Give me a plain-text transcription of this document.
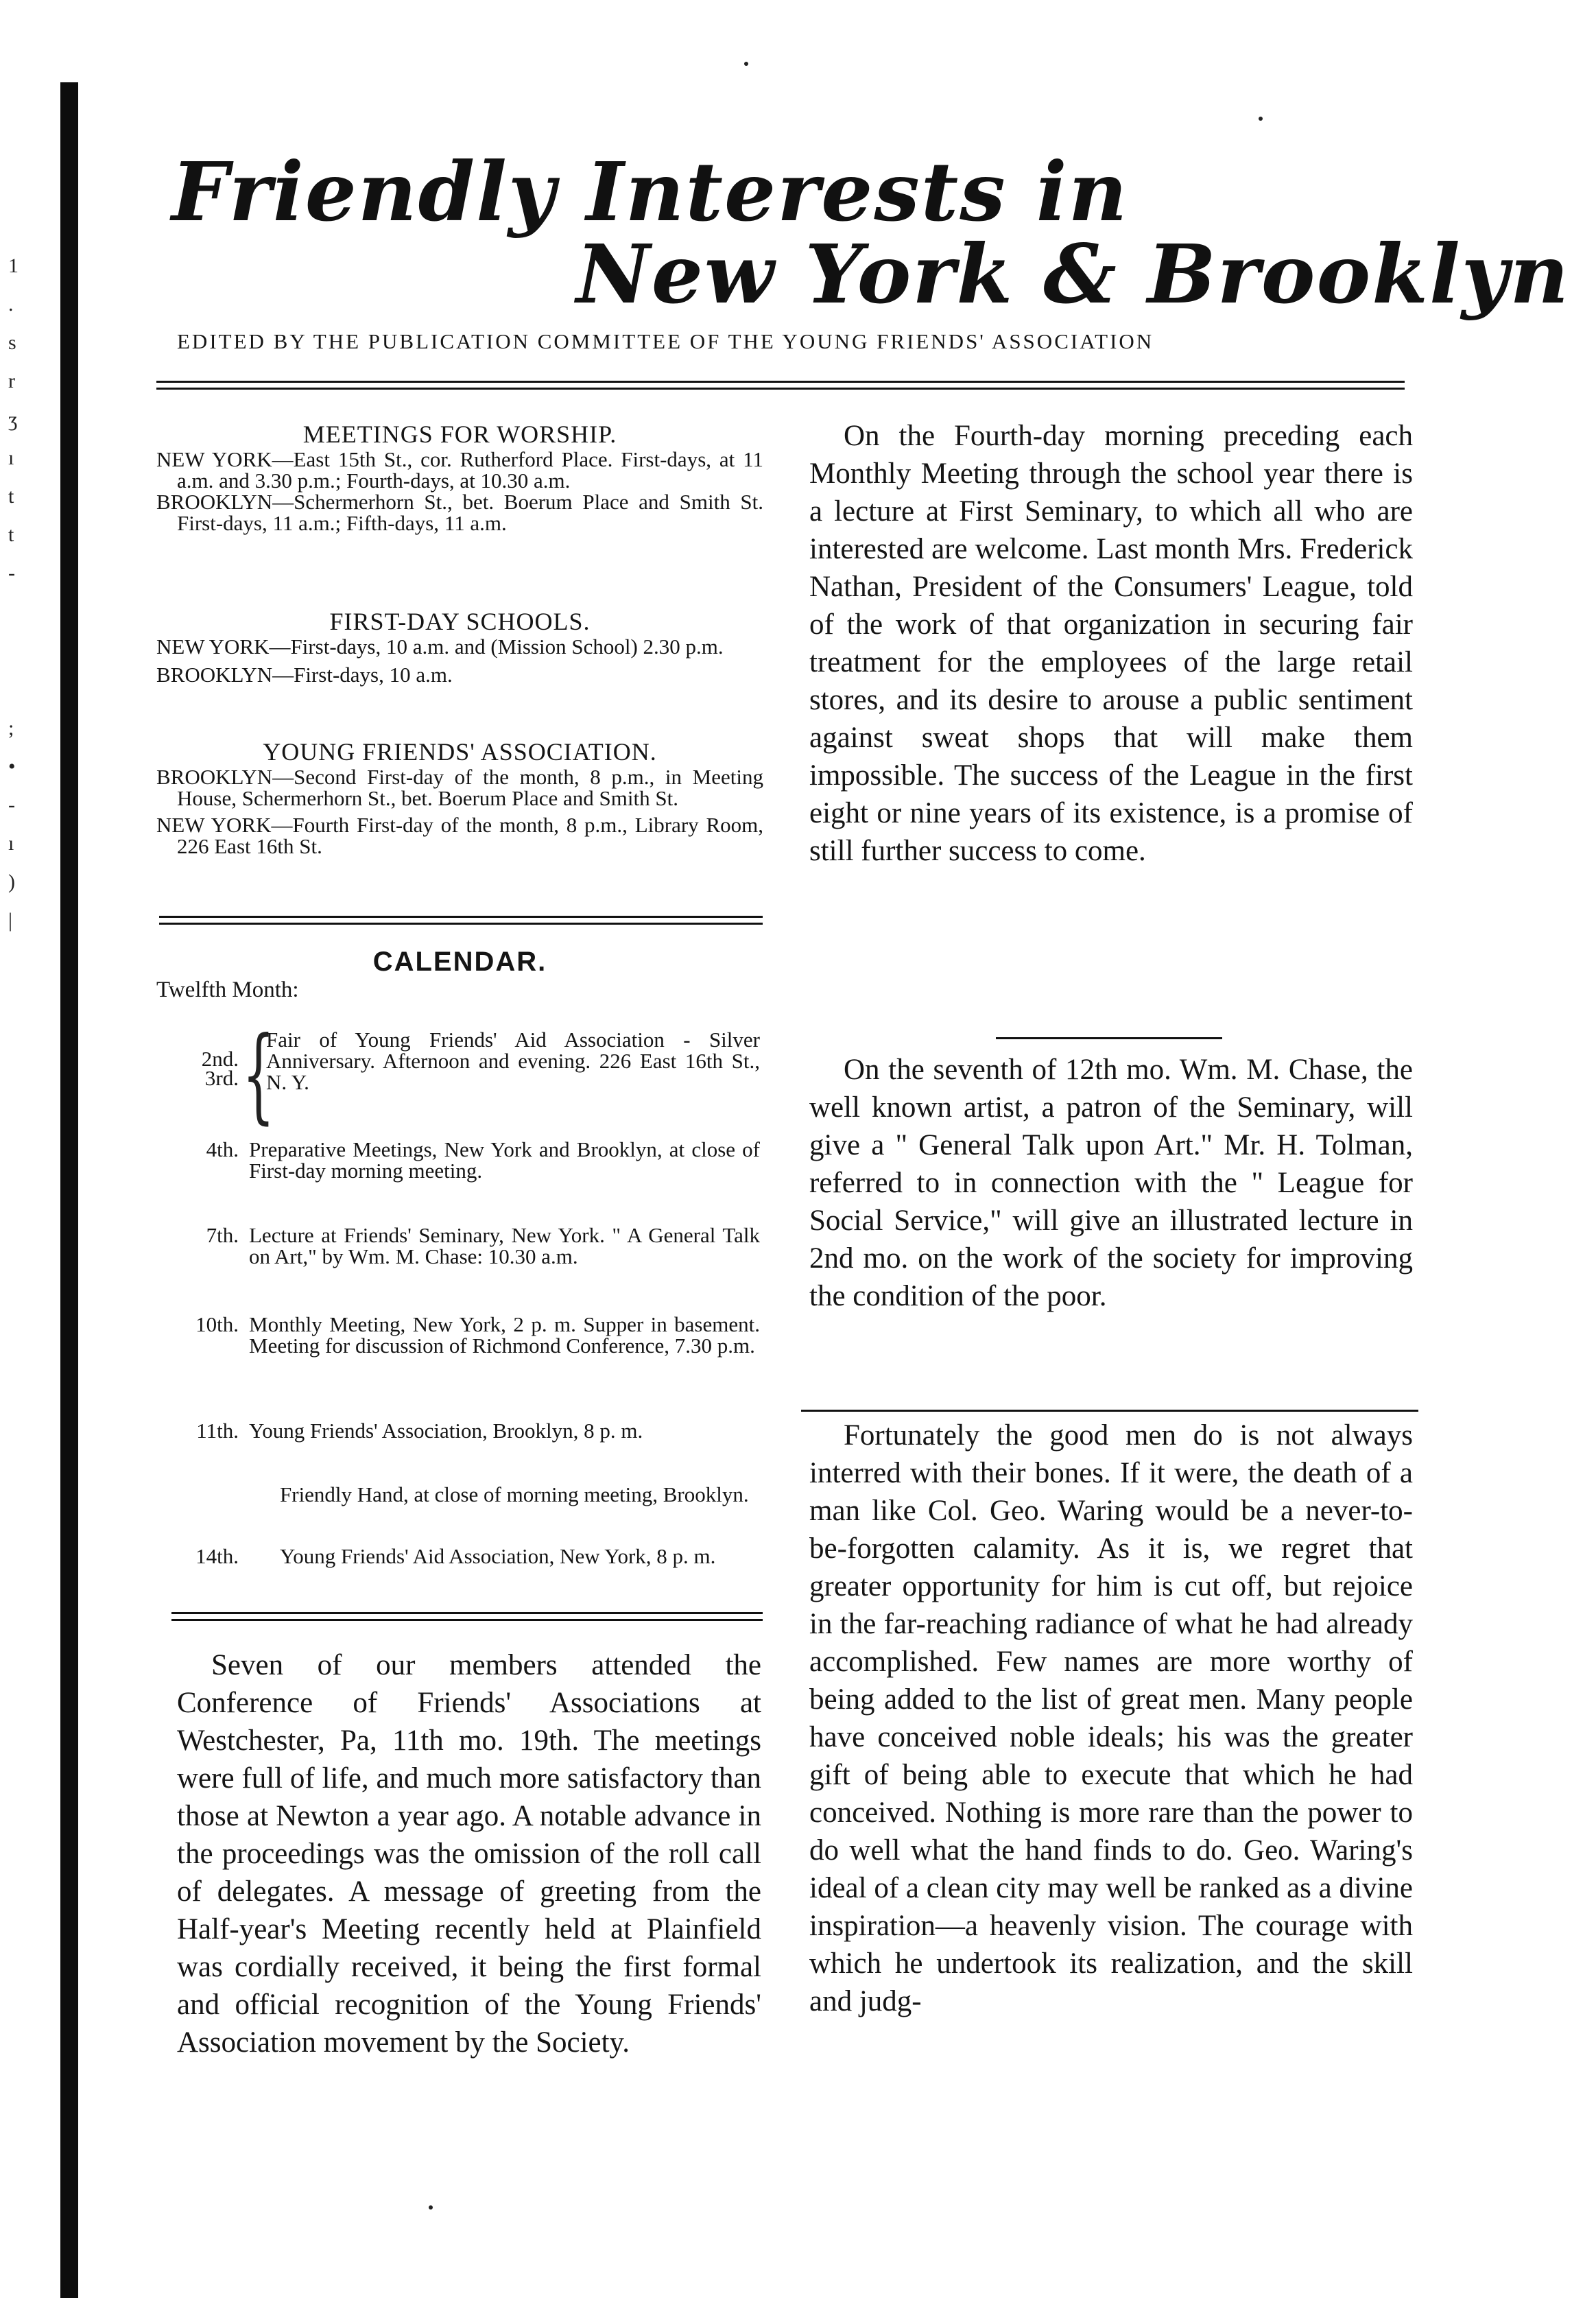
1
.
s
r
ʒ
ı
t
t
-
;
•
-
ı
)
|
Friendly Interests in
New York & Brooklyn
EDITED BY THE PUBLICATION COMMITTEE OF THE YOUNG FRIENDS' ASSOCIATION
MEETINGS FOR WORSHIP.

NEW YORK—East 15th St., cor. Rutherford Place. First-days, at 11 a.m. and 3.30 p.m.; Fourth-days, at 10.30 a.m.

BROOKLYN—Schermerhorn St., bet. Boerum Place and Smith St. First-days, 11 a.m.; Fifth-days, 11 a.m.

FIRST-DAY SCHOOLS.

NEW YORK—First-days, 10 a.m. and (Mission School) 2.30 p.m.

BROOKLYN—First-days, 10 a.m.

YOUNG FRIENDS' ASSOCIATION.

BROOKLYN—Second First-day of the month, 8 p.m., in Meeting House, Schermerhorn St., bet. Boerum Place and Smith St.

NEW YORK—Fourth First-day of the month, 8 p.m., Library Room, 226 East 16th St.

CALENDAR.
Twelfth Month:
2nd.
3rd. {
Fair of Young Friends' Aid Association - Silver Anniversary. Afternoon and evening. 226 East 16th St., N. Y.
4th. Preparative Meetings, New York and Brooklyn, at close of First-day morning meeting.
7th. Lecture at Friends' Seminary, New York. " A General Talk on Art," by Wm. M. Chase: 10.30 a.m.
10th. Monthly Meeting, New York, 2 p. m. Supper in basement. Meeting for discussion of Richmond Conference, 7.30 p.m.
11th. Young Friends' Association, Brooklyn, 8 p. m.
Friendly Hand, at close of morning meeting, Brooklyn.
14th. Young Friends' Aid Association, New York, 8 p. m.
Seven of our members attended the Conference of Friends' Associations at Westchester, Pa, 11th mo. 19th. The meetings were full of life, and much more satisfactory than those at Newton a year ago. A notable advance in the proceedings was the omission of the roll call of delegates. A message of greeting from the Half-year's Meeting recently held at Plainfield was cordially received, it being the first formal and official recognition of the Young Friends' Association movement by the Society.
On the Fourth-day morning preceding each Monthly Meeting through the school year there is a lecture at First Seminary, to which all who are interested are welcome. Last month Mrs. Frederick Nathan, President of the Consumers' League, told of the work of that organization in securing fair treatment for the employees of the large retail stores, and its desire to arouse a public sentiment against sweat shops that will make them impossible. The success of the League in the first eight or nine years of its existence, is a promise of still further success to come.
On the seventh of 12th mo. Wm. M. Chase, the well known artist, a patron of the Seminary, will give a " General Talk upon Art." Mr. H. Tolman, referred to in connection with the " League for Social Service," will give an illustrated lecture in 2nd mo. on the work of the society for improving the condition of the poor.
Fortunately the good men do is not always interred with their bones. If it were, the death of a man like Col. Geo. Waring would be a never-to-be-forgotten calamity. As it is, we regret that greater opportunity for him is cut off, but rejoice in the far-reaching radiance of what he had already accomplished. Few names are more worthy of being added to the list of great men. Many people have conceived noble ideals; his was the greater gift of being able to execute that which he had conceived. Nothing is more rare than the power to do well what the hand finds to do. Geo. Waring's ideal of a clean city may well be ranked as a divine inspiration—a heavenly vision. The courage with which he undertook its realization, and the skill and judg-
